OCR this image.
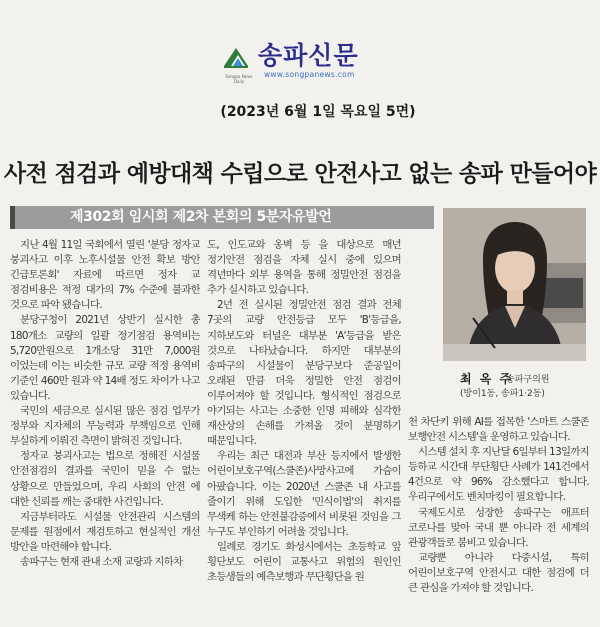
Songpa News Daily
송파신문
www.songpanews.com
(2023년 6월 1일 목요일 5면)
사전 점검과 예방대책 수립으로 안전사고 없는 송파 만들어야
제302회 임시회 제2차 본회의 5분자유발언
최 옥 주
송파구의원
(방이1동, 송파1·2동)

지난 4월 11일 국회에서 열린 '분당 정자교 붕괴사고 이후 노후시설물 안전 확보 방안 긴급토론회' 자료에 따르면 정자 교 점검비용은 적정 대가의 7% 수준에 불과한 것으로 파악 됐습니다.

분당구청이 2021년 상반기 실시한 총 180개소 교량의 일괄 정기점검 용역비는 5,720만원으로 1개소당 31만 7,000원 이었는데 이는 비슷한 규모 교량 적정 용역비 기준인 460만 원과 약 14배 정도 차이가 나고 있습니다.

국민의 세금으로 실시된 많은 점검 업무가 정부와 지자체의 무능력과 무책임으로 인해 부실하게 이뤄진 측면이 밝혀진 것입니다.

정자교 붕괴사고는 법으로 정해진 시설물 안전점검의 결과를 국민이 믿을 수 없는 상황으로 만들었으며, 우리 사회의 안전 에 대한 신뢰를 깨는 중대한 사건입니다.

지금부터라도 시설물 안전관리 시스템의 문제를 원점에서 재검토하고 현실적인 개선 방안을 마련해야 합니다.

송파구는 현재 관내 소재 교량과 지하차

도, 인도교와 옹벽 등 을 대상으로 매년 정기안전 점검을 자체 실시 중에 있으며 격년마다 외부 용역을 통해 정밀안전 점검을 추가 실시하고 있습니다.

2년 전 실시된 정밀안전 점검 결과 전체 7곳의 교량 안전등급 모두 'B'등급을, 지하보도와 터널은 대부분 'A'등급을 받은 것으로 나타났습니다. 하지만 대부분의 송파구의 시설물이 분당구보다 준공일이 오래된 만큼 더욱 정밀한 안전 점검이 이루어져야 할 것입니다. 형식적인 점검으로 야기되는 사고는 소중한 인명 피해와 심각한 재산상의 손해를 가져올 것이 분명하기 때문입니다.

우리는 최근 대전과 부산 등지에서 발생한 어린이보호구역(스쿨존)사망사고에 가슴이 아팠습니다. 이는 2020년 스쿨존 내 사고를 줄이기 위해 도입한 '민식이법'의 취지를 무색케 하는 안전불감증에서 비롯된 것임을 그 누구도 부인하기 어려울 것입니다.

일례로 경기도 화성시에서는 초등학교 앞 횡단보도 어린이 교통사고 위험의 원인인 초등생들의 예측보행과 무단횡단을 원

천 차단키 위해 AI를 접목한 '스마트 스쿨존 보행안전 시스템'을 운영하고 있습니다.

시스템 설치 후 지난달 6일부터 13일까지 등하교 시간대 무단횡단 사례가 141건에서 4건으로 약 96% 감소했다고 합니다. 우리구에서도 벤치마킹이 필요합니다.

국제도시로 성장한 송파구는 애프터 코로나를 맞아 국내 뿐 아니라 전 세계의 관광객들로 붐비고 있습니다.

교량뿐 아니라 다중시설, 특히 어린이보호구역 안전시고 대한 점검에 더 큰 관심을 가져야 할 것입니다.
